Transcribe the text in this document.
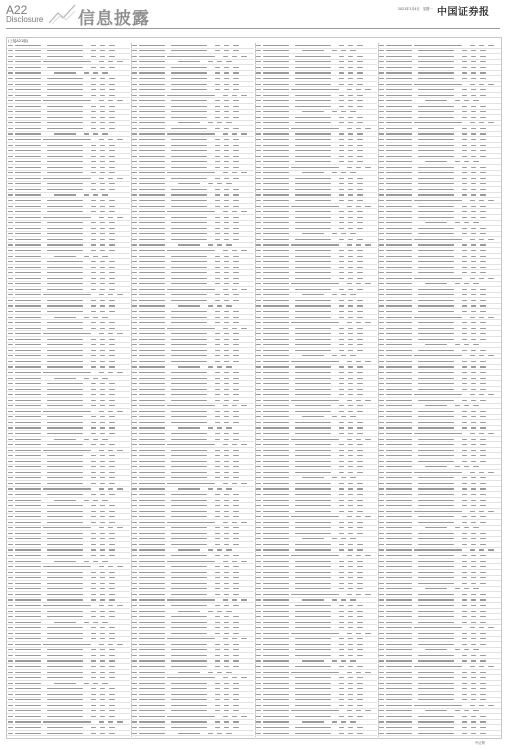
A22
Disclosure 信息披露	2021年1月4日 星期一 中国证券报
(上接A21版)
中证网
